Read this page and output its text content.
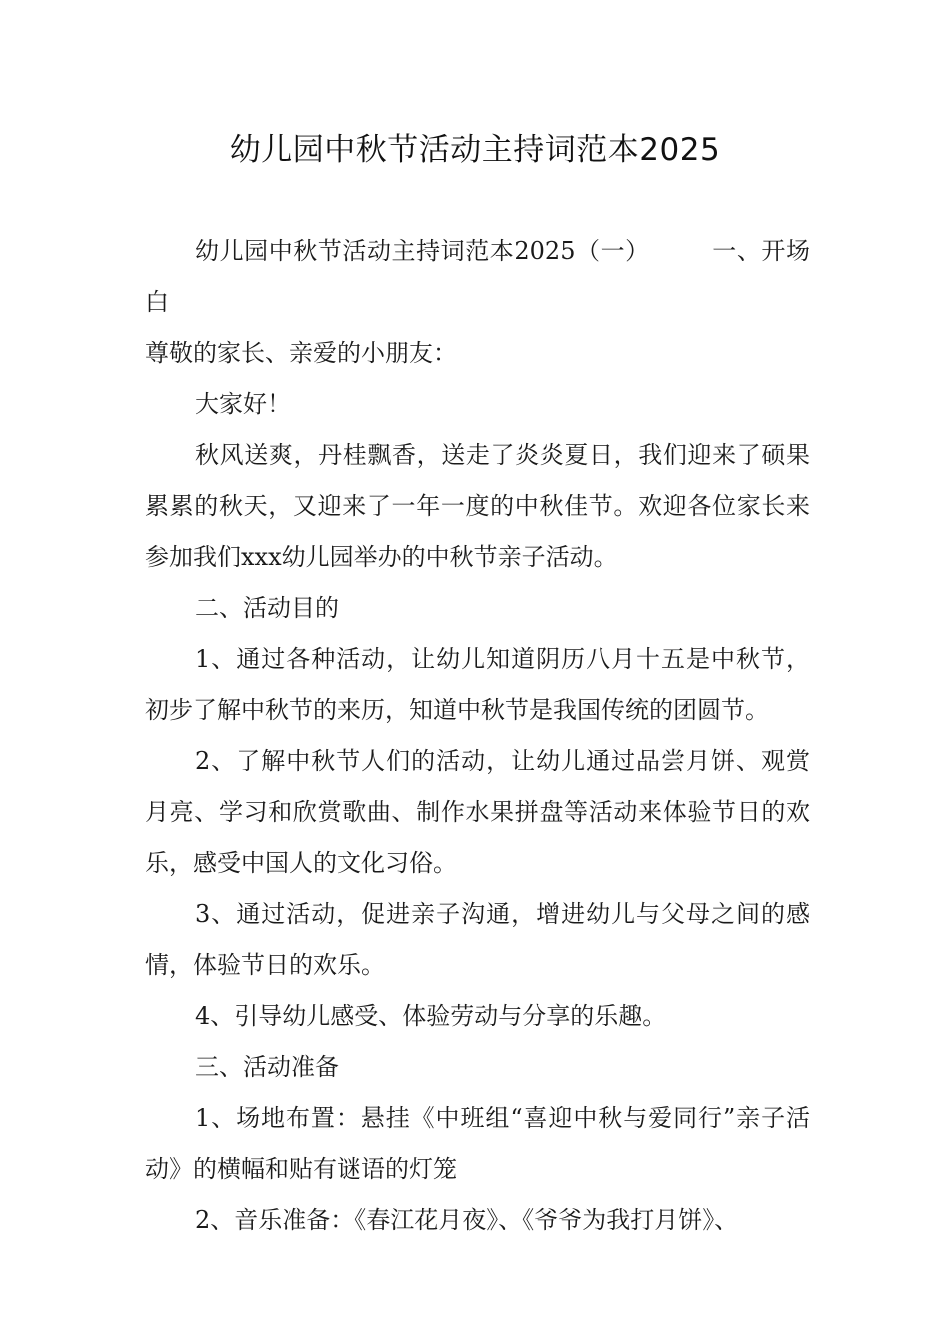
幼儿园中秋节活动主持词范本2025

幼儿园中秋节活动主持词范本2025（一）	一、开场白

尊敬的家长、亲爱的小朋友：

大家好！

秋风送爽，丹桂飘香，送走了炎炎夏日，我们迎来了硕果累累的秋天，又迎来了一年一度的中秋佳节。欢迎各位家长来参加我们xxx幼儿园举办的中秋节亲子活动。

二、活动目的

1、通过各种活动，让幼儿知道阴历八月十五是中秋节，初步了解中秋节的来历，知道中秋节是我国传统的团圆节。

2、了解中秋节人们的活动，让幼儿通过品尝月饼、观赏月亮、学习和欣赏歌曲、制作水果拼盘等活动来体验节日的欢乐，感受中国人的文化习俗。

3、通过活动，促进亲子沟通，增进幼儿与父母之间的感情，体验节日的欢乐。

4、引导幼儿感受、体验劳动与分享的乐趣。

三、活动准备

1、场地布置：悬挂《中班组“喜迎中秋与爱同行”亲子活动》的横幅和贴有谜语的灯笼

2、音乐准备：《春江花月夜》、《爷爷为我打月饼》、
